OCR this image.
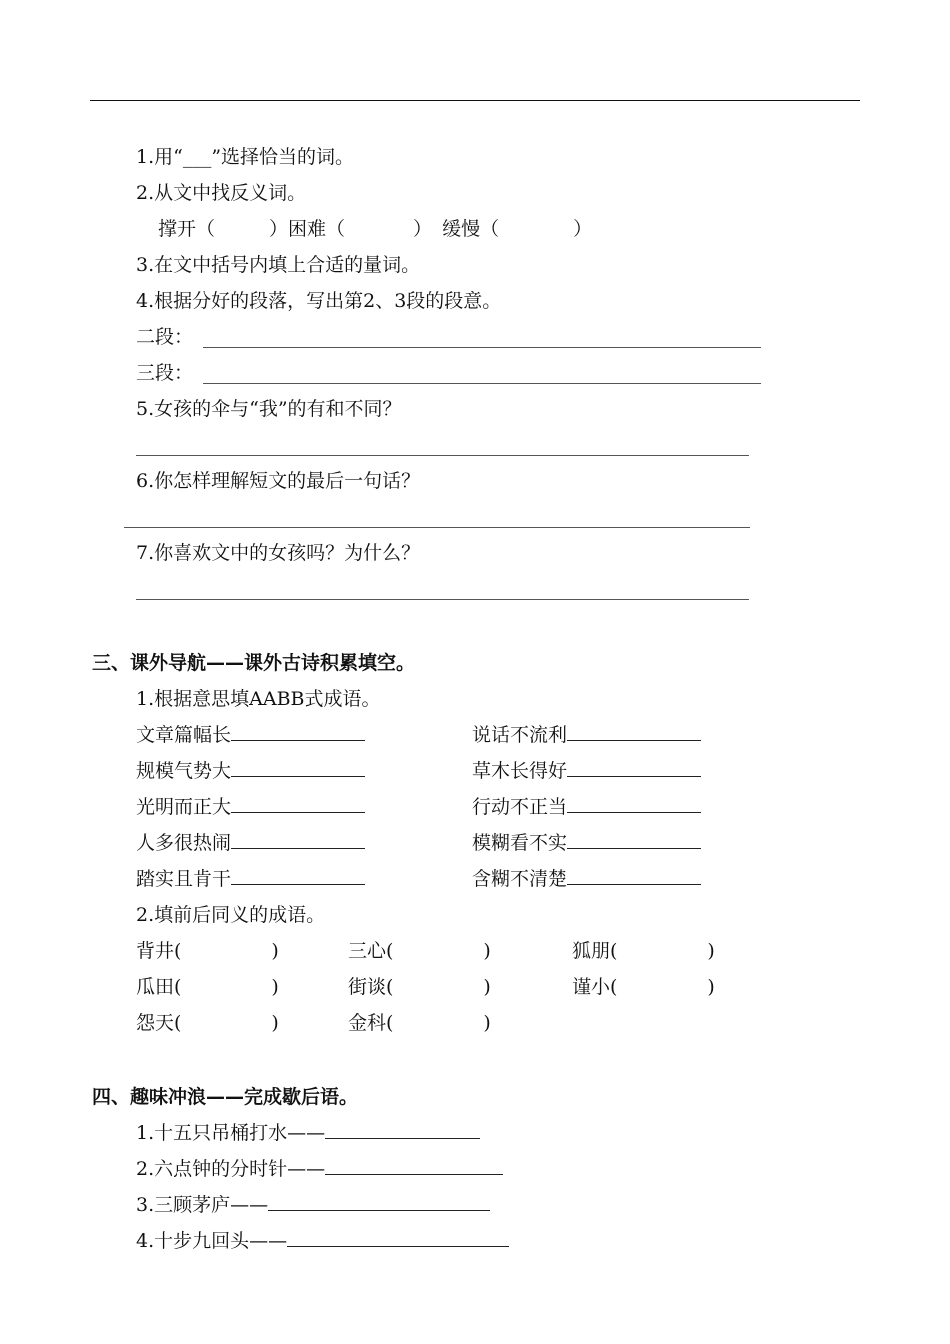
1.用“___”选择恰当的词。
2.从文中找反义词。
撑开（	）困难（	） 缓慢（	）
3.在文中括号内填上合适的量词。
4.根据分好的段落，写出第2、3段的段意。
二段：
三段：
5.女孩的伞与“我”的有和不同？
6.你怎样理解短文的最后一句话？
7.你喜欢文中的女孩吗？为什么？
三、课外导航——课外古诗积累填空。
1.根据意思填AABB式成语。
文章篇幅长	说话不流利
规模气势大	草木长得好
光明而正大	行动不正当
人多很热闹	模糊看不实
踏实且肯干	含糊不清楚
2.填前后同义的成语。
背井(	)	三心(	)	狐朋(	)
瓜田(	)	街谈(	)	谨小(	)
怨天(	)	金科(	)
四、趣味冲浪——完成歇后语。
1.十五只吊桶打水——
2.六点钟的分时针——
3.三顾茅庐——
4.十步九回头——
